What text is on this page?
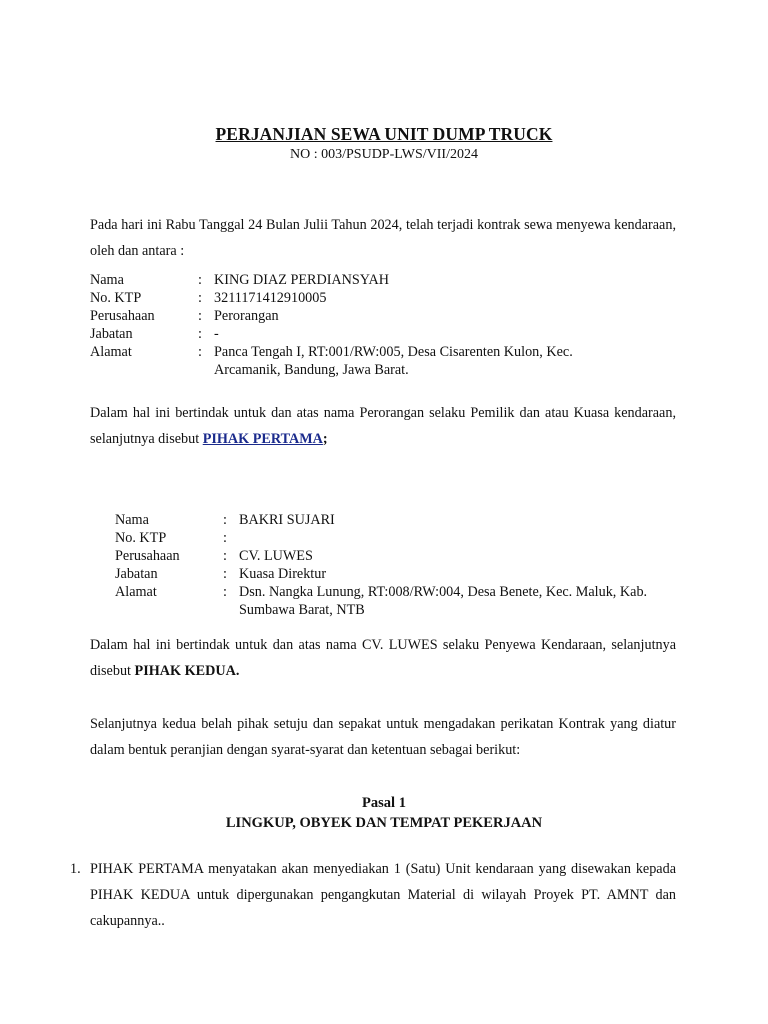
PERJANJIAN SEWA UNIT DUMP TRUCK
NO : 003/PSUDP-LWS/VII/2024

Pada hari ini Rabu Tanggal 24 Bulan Julii Tahun 2024, telah terjadi kontrak sewa menyewa kendaraan, oleh dan antara :

Nama	:	KING DIAZ PERDIANSYAH
No. KTP	:	3211171412910005
Perusahaan	:	Perorangan
Jabatan	:	-
Alamat	:	Panca Tengah I, RT:001/RW:005, Desa Cisarenten Kulon, Kec.
Arcamanik, Bandung, Jawa Barat.

Dalam hal ini bertindak untuk dan atas nama Perorangan selaku Pemilik dan atau Kuasa kendaraan, selanjutnya disebut PIHAK PERTAMA;

Nama	:	BAKRI SUJARI
No. KTP	:	
Perusahaan	:	CV. LUWES
Jabatan	:	Kuasa Direktur
Alamat	:	Dsn. Nangka Lunung, RT:008/RW:004, Desa Benete, Kec. Maluk, Kab.
Sumbawa Barat, NTB

Dalam hal ini bertindak untuk dan atas nama CV. LUWES selaku Penyewa Kendaraan, selanjutnya disebut PIHAK KEDUA.

Selanjutnya kedua belah pihak setuju dan sepakat untuk mengadakan perikatan Kontrak yang diatur dalam bentuk peranjian dengan syarat-syarat dan ketentuan sebagai berikut:

Pasal 1
LINGKUP, OBYEK DAN TEMPAT PEKERJAAN
1. PIHAK PERTAMA menyatakan akan menyediakan 1 (Satu) Unit kendaraan yang disewakan kepada PIHAK KEDUA untuk dipergunakan pengangkutan Material di wilayah Proyek PT. AMNT dan cakupannya..
